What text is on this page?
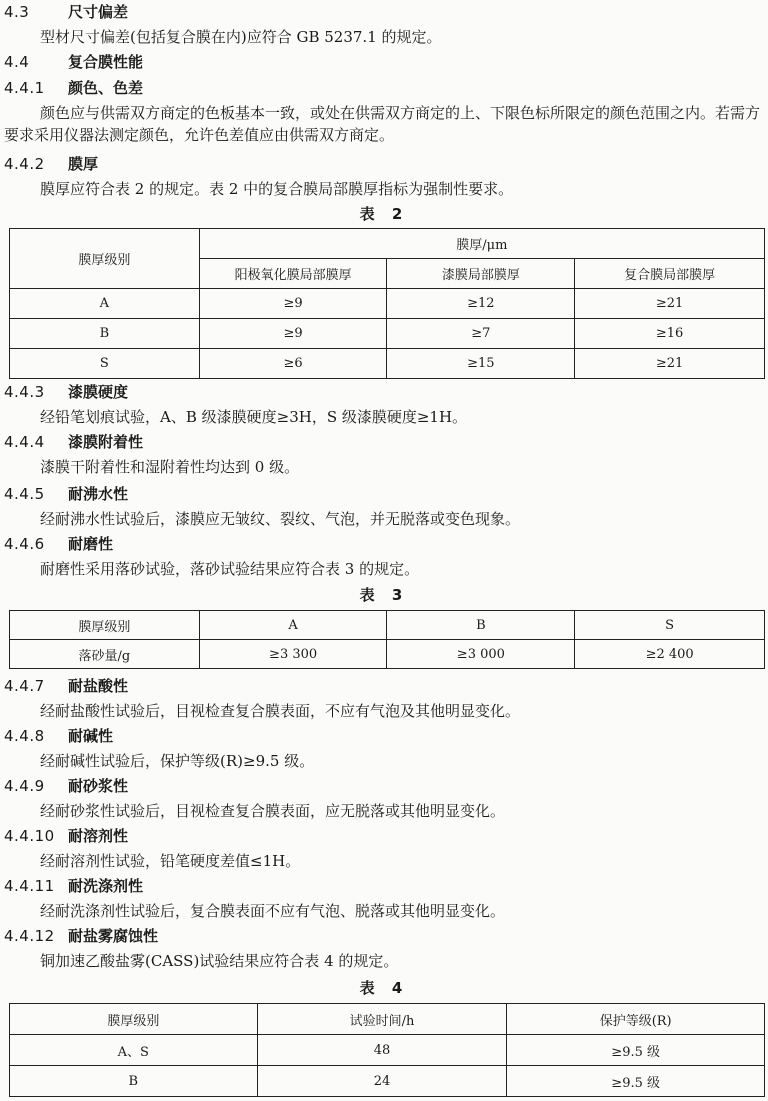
4.3	尺寸偏差
型材尺寸偏差(包括复合膜在内)应符合 GB 5237.1 的规定。
4.4	复合膜性能
4.4.1 颜色、色差
颜色应与供需双方商定的色板基本一致，或处在供需双方商定的上、下限色标所限定的颜色范围之内。若需方要求采用仪器法测定颜色，允许色差值应由供需双方商定。
4.4.2 膜厚
膜厚应符合表 2 的规定。表 2 中的复合膜局部膜厚指标为强制性要求。
表 2
膜厚级别	膜厚/μm		
	阳极氧化膜局部膜厚	漆膜局部膜厚	复合膜局部膜厚
A	≥9	≥12	≥21
B	≥9	≥7	≥16
S	≥6	≥15	≥21
4.4.3 漆膜硬度
经铅笔划痕试验，A、B 级漆膜硬度≥3H，S 级漆膜硬度≥1H。
4.4.4 漆膜附着性
漆膜干附着性和湿附着性均达到 0 级。
4.4.5 耐沸水性
经耐沸水性试验后，漆膜应无皱纹、裂纹、气泡，并无脱落或变色现象。
4.4.6 耐磨性
耐磨性采用落砂试验，落砂试验结果应符合表 3 的规定。
表 3
膜厚级别	A	B	S
落砂量/g	≥3 300	≥3 000	≥2 400
4.4.7 耐盐酸性
经耐盐酸性试验后，目视检查复合膜表面，不应有气泡及其他明显变化。
4.4.8 耐碱性
经耐碱性试验后，保护等级(R)≥9.5 级。
4.4.9 耐砂浆性
经耐砂浆性试验后，目视检查复合膜表面，应无脱落或其他明显变化。
4.4.10 耐溶剂性
经耐溶剂性试验，铅笔硬度差值≤1H。
4.4.11 耐洗涤剂性
经耐洗涤剂性试验后，复合膜表面不应有气泡、脱落或其他明显变化。
4.4.12 耐盐雾腐蚀性
铜加速乙酸盐雾(CASS)试验结果应符合表 4 的规定。
表 4
膜厚级别	试验时间/h	保护等级(R)
A、S	48	≥9.5 级
B	24	≥9.5 级
